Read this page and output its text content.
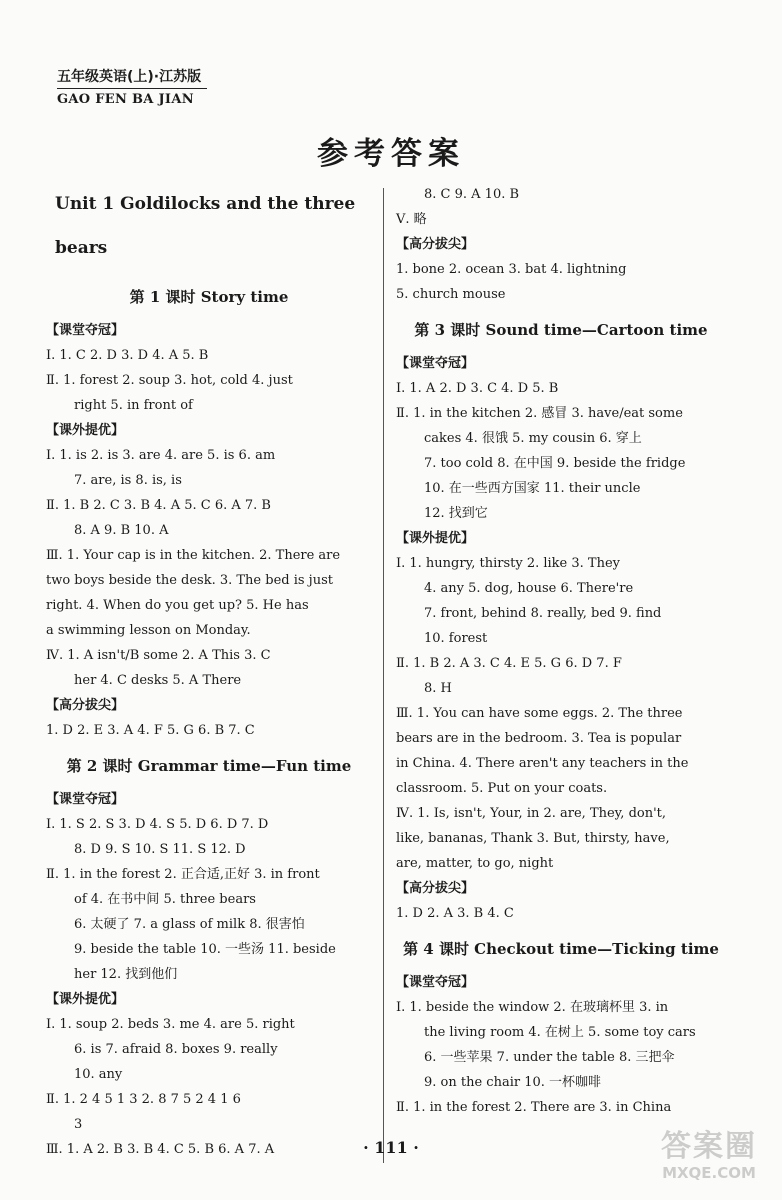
五年级英语(上)·江苏版
GAO FEN BA JIAN
参考答案
Unit 1 Goldilocks and the three bears
第 1 课时 Story time
【课堂夺冠】
Ⅰ. 1. C 2. D 3. D 4. A 5. B
Ⅱ. 1. forest 2. soup 3. hot, cold 4. just
right 5. in front of
【课外提优】
Ⅰ. 1. is 2. is 3. are 4. are 5. is 6. am
7. are, is 8. is, is
Ⅱ. 1. B 2. C 3. B 4. A 5. C 6. A 7. B
8. A 9. B 10. A
Ⅲ. 1. Your cap is in the kitchen. 2. There are
two boys beside the desk. 3. The bed is just
right. 4. When do you get up? 5. He has
a swimming lesson on Monday.
Ⅳ. 1. A isn't/B some 2. A This 3. C
her 4. C desks 5. A There
【高分拔尖】
1. D 2. E 3. A 4. F 5. G 6. B 7. C
第 2 课时 Grammar time—Fun time
【课堂夺冠】
Ⅰ. 1. S 2. S 3. D 4. S 5. D 6. D 7. D
8. D 9. S 10. S 11. S 12. D
Ⅱ. 1. in the forest 2. 正合适,正好 3. in front
of 4. 在书中间 5. three bears
6. 太硬了 7. a glass of milk 8. 很害怕
9. beside the table 10. 一些汤 11. beside
her 12. 找到他们
【课外提优】
Ⅰ. 1. soup 2. beds 3. me 4. are 5. right
6. is 7. afraid 8. boxes 9. really
10. any
Ⅱ. 1. 2 4 5 1 3 2. 8 7 5 2 4 1 6
3
Ⅲ. 1. A 2. B 3. B 4. C 5. B 6. A 7. A
8. C 9. A 10. B
Ⅴ. 略
【高分拔尖】
1. bone 2. ocean 3. bat 4. lightning
5. church mouse
第 3 课时 Sound time—Cartoon time
【课堂夺冠】
Ⅰ. 1. A 2. D 3. C 4. D 5. B
Ⅱ. 1. in the kitchen 2. 感冒 3. have/eat some
cakes 4. 很饿 5. my cousin 6. 穿上
7. too cold 8. 在中国 9. beside the fridge
10. 在一些西方国家 11. their uncle
12. 找到它
【课外提优】
Ⅰ. 1. hungry, thirsty 2. like 3. They
4. any 5. dog, house 6. There're
7. front, behind 8. really, bed 9. find
10. forest
Ⅱ. 1. B 2. A 3. C 4. E 5. G 6. D 7. F
8. H
Ⅲ. 1. You can have some eggs. 2. The three
bears are in the bedroom. 3. Tea is popular
in China. 4. There aren't any teachers in the
classroom. 5. Put on your coats.
Ⅳ. 1. Is, isn't, Your, in 2. are, They, don't,
like, bananas, Thank 3. But, thirsty, have,
are, matter, to go, night
【高分拔尖】
1. D 2. A 3. B 4. C
第 4 课时 Checkout time—Ticking time
【课堂夺冠】
Ⅰ. 1. beside the window 2. 在玻璃杯里 3. in
the living room 4. 在树上 5. some toy cars
6. 一些苹果 7. under the table 8. 三把伞
9. on the chair 10. 一杯咖啡
Ⅱ. 1. in the forest 2. There are 3. in China
· 111 ·	答案圈
MXQE.COM
